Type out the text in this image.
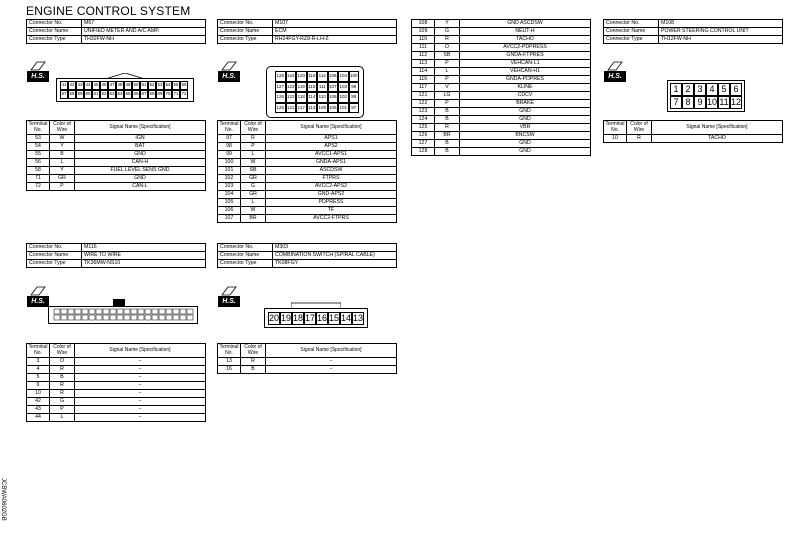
ENGINE CONTROL SYSTEM
Connector No.	M67
Connector Name	UNIFIED METER AND A/C AMP.
Connector Type	TH32FW-NH
H.S.
41 42 43 44 45 46 47 48 49 50 51 52 53 54 55 56
57 58 59 60 61 62 63 64 65 66 67 68 69 70 71 72
Terminal No.	Color of Wire	Signal Name [Specification]
53	W	IGN
54	Y	BAT
55	B	GND
56	L	CAN-H
58	Y	FUEL LEVEL SENS GND
71	GR	GND
72	P	CAN-L
Connector No.	M107
Connector Name	ECM
Connector Type	RH24FGY-RZ8-R-LH-Z
H.S.	128 124 120 116 112 108 104 100
127 123 119 115 111 107 103 99
126 122 118 114 110 106 102 98
125 121 117 113 109 105 101 97
Terminal No.	Color of Wire	Signal Name [Specification]
97	R	APS1
98	P	APS2
99	L	AVCC1-APS1
100	W	GNDA-APS1
101	SB	ASCDSW
102	GR	FTPRS
103	G	AVCC2-APS2
104	GR	GND-APS2
105	L	PDPRESS
106	W	TF
107	BR	AVCC2-FTPRS
108	Y	GND ASCDSW
109	G	NEUT-H
110	R	TACHO
111	O	AVCC2-PDPRESS
112	SB	GNDA-FTPRES
113	P	VEHCAN-L1
114	L	VEHCAN-H1
116	P	GNDA-PDPRES
117	V	KLINE
121	LG	CDCV
122	P	BRAKE
123	B	GND
124	B	GND
125	R	VBR
126	BR	BNCSW
127	B	GND
128	B	GND
Connector No.	M108
Connector Name	POWER STEERING CONTROL UNIT
Connector Type	TH12FW-NH
H.S.
1 2 3 4 5 6
7 8 9 10 11 12
Terminal No.	Color of Wire	Signal Name [Specification]
10	R	TACHO
Connector No.	M116
Connector Name	WIRE TO WIRE
Connector Type	TK36MW-NS10
H.S.
Terminal No.	Color of Wire	Signal Name [Specification]
3	O	−
4	R	−
5	B	−
9	R	−
10	R	−
42	G	−
43	P	−
44	L	−
Connector No.	M303
Connector Name	COMBINATION SWITCH (SPIRAL CABLE)
Connector Type	TK08FGY
H.S.
20 19 18 17 16 15 14 13
Terminal No.	Color of Wire	Signal Name [Specification]
13	R	−
16	B	−
JCBWA0602GB
